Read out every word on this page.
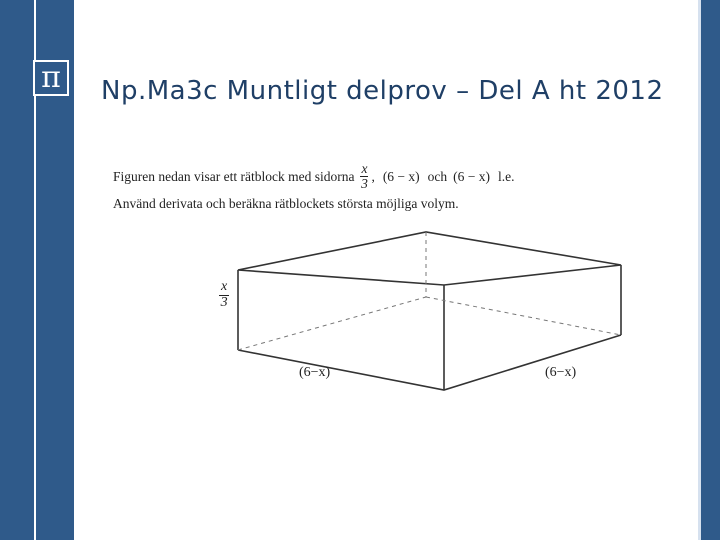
π	Np.Ma3c Muntligt delprov – Del A ht 2012
Figuren nedan visar ett rätblock med sidorna $\frac{x}{3}$ , (6 − x) och (6 − x) l.e.
Använd derivata och beräkna rätblockets största möjliga volym.
$\frac{x}{3}$
(6−x)	(6−x)
